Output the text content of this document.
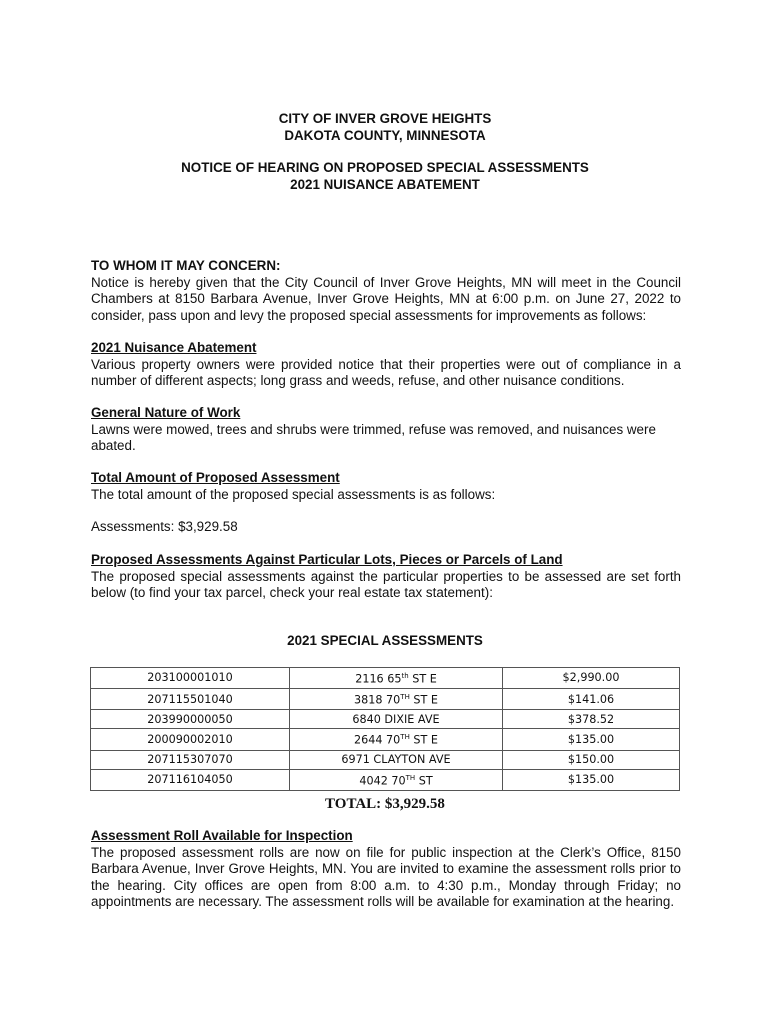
CITY OF INVER GROVE HEIGHTS
DAKOTA COUNTY, MINNESOTA
NOTICE OF HEARING ON PROPOSED SPECIAL ASSESSMENTS
2021 NUISANCE ABATEMENT
TO WHOM IT MAY CONCERN:

Notice is hereby given that the City Council of Inver Grove Heights, MN will meet in the Council Chambers at 8150 Barbara Avenue, Inver Grove Heights, MN at 6:00 p.m. on June 27, 2022 to consider, pass upon and levy the proposed special assessments for improvements as follows:

2021 Nuisance Abatement

Various property owners were provided notice that their properties were out of compliance in a number of different aspects; long grass and weeds, refuse, and other nuisance conditions.

General Nature of Work

Lawns were mowed, trees and shrubs were trimmed, refuse was removed, and nuisances were abated.

Total Amount of Proposed Assessment

The total amount of the proposed special assessments is as follows:

Assessments: $3,929.58

Proposed Assessments Against Particular Lots, Pieces or Parcels of Land

The proposed special assessments against the particular properties to be assessed are set forth below (to find your tax parcel, check your real estate tax statement):

2021 SPECIAL ASSESSMENTS
203100001010	2116 65th ST E	$2,990.00
207115501040	3818 70TH ST E	$141.06
203990000050	6840 DIXIE AVE	$378.52
200090002010	2644 70TH ST E	$135.00
207115307070	6971 CLAYTON AVE	$150.00
207116104050	4042 70TH ST	$135.00
TOTAL: $3,929.58
Assessment Roll Available for Inspection

The proposed assessment rolls are now on file for public inspection at the Clerk’s Office, 8150 Barbara Avenue, Inver Grove Heights, MN. You are invited to examine the assessment rolls prior to the hearing. City offices are open from 8:00 a.m. to 4:30 p.m., Monday through Friday; no appointments are necessary. The assessment rolls will be available for examination at the hearing.
